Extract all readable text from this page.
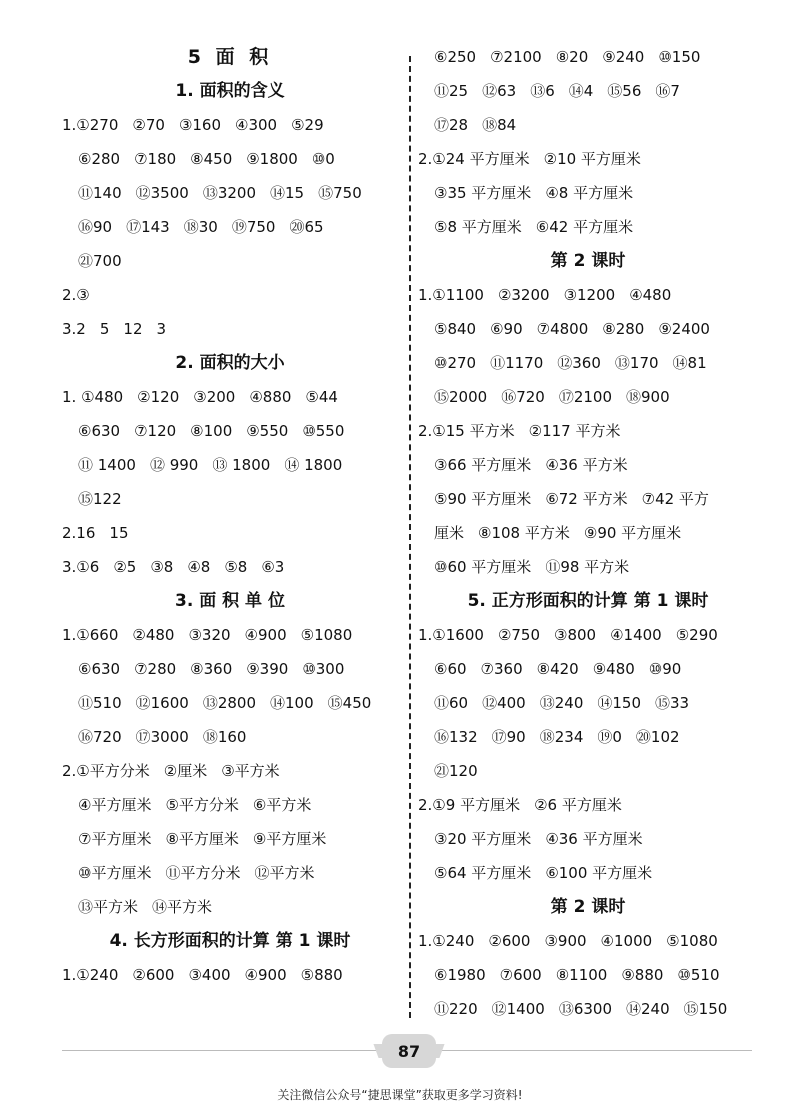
5 面 积
1. 面积的含义
1.①270 ②70 ③160 ④300 ⑤29
⑥280 ⑦180 ⑧450 ⑨1800 ⑩0
⑪140 ⑫3500 ⑬3200 ⑭15 ⑮750
⑯90 ⑰143 ⑱30 ⑲750 ⑳65
㉑700
2.③
3.2 5 12 3
2. 面积的大小
1. ①480 ②120 ③200 ④880 ⑤44
⑥630 ⑦120 ⑧100 ⑨550 ⑩550
⑪ 1400 ⑫ 990 ⑬ 1800 ⑭ 1800
⑮122
2.16 15
3.①6 ②5 ③8 ④8 ⑤8 ⑥3
3. 面 积 单 位
1.①660 ②480 ③320 ④900 ⑤1080
⑥630 ⑦280 ⑧360 ⑨390 ⑩300
⑪510 ⑫1600 ⑬2800 ⑭100 ⑮450
⑯720 ⑰3000 ⑱160
2.①平方分米 ②厘米 ③平方米
④平方厘米 ⑤平方分米 ⑥平方米
⑦平方厘米 ⑧平方厘米 ⑨平方厘米
⑩平方厘米 ⑪平方分米 ⑫平方米
⑬平方米 ⑭平方米
4. 长方形面积的计算 第 1 课时
1.①240 ②600 ③400 ④900 ⑤880
⑥250 ⑦2100 ⑧20 ⑨240 ⑩150
⑪25 ⑫63 ⑬6 ⑭4 ⑮56 ⑯7
⑰28 ⑱84
2.①24 平方厘米 ②10 平方厘米
③35 平方厘米 ④8 平方厘米
⑤8 平方厘米 ⑥42 平方厘米
第 2 课时
1.①1100 ②3200 ③1200 ④480
⑤840 ⑥90 ⑦4800 ⑧280 ⑨2400
⑩270 ⑪1170 ⑫360 ⑬170 ⑭81
⑮2000 ⑯720 ⑰2100 ⑱900
2.①15 平方米 ②117 平方米
③66 平方厘米 ④36 平方米
⑤90 平方厘米 ⑥72 平方米 ⑦42 平方
厘米 ⑧108 平方米 ⑨90 平方厘米
⑩60 平方厘米 ⑪98 平方米
5. 正方形面积的计算 第 1 课时
1.①1600 ②750 ③800 ④1400 ⑤290
⑥60 ⑦360 ⑧420 ⑨480 ⑩90
⑪60 ⑫400 ⑬240 ⑭150 ⑮33
⑯132 ⑰90 ⑱234 ⑲0 ⑳102
㉑120
2.①9 平方厘米 ②6 平方厘米
③20 平方厘米 ④36 平方厘米
⑤64 平方厘米 ⑥100 平方厘米
第 2 课时
1.①240 ②600 ③900 ④1000 ⑤1080
⑥1980 ⑦600 ⑧1100 ⑨880 ⑩510
⑪220 ⑫1400 ⑬6300 ⑭240 ⑮150
87
关注微信公众号“捷思课堂”获取更多学习资料!
